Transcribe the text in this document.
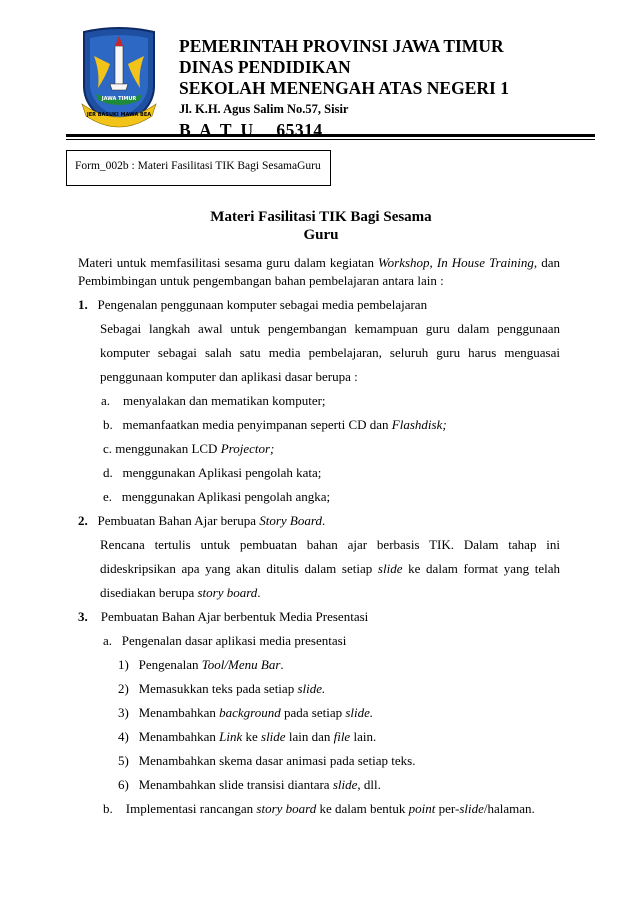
JER BASUKI MAWA BEA
JAWA TIMUR
PEMERINTAH PROVINSI JAWA TIMUR
DINAS PENDIDIKAN
SEKOLAH MENENGAH ATAS NEGERI 1
Jl. K.H. Agus Salim No.57, Sisir
B A T U 65314
Form_002b : Materi Fasilitasi TIK Bagi SesamaGuru
Materi Fasilitasi TIK Bagi Sesama
Guru
Materi untuk memfasilitasi sesama guru dalam kegiatan Workshop, In House Training, dan
Pembimbingan untuk pengembangan bahan pembelajaran antara lain :
1. Pengenalan penggunaan komputer sebagai media pembelajaran
Sebagai langkah awal untuk pengembangan kemampuan guru dalam penggunaan
komputer sebagai salah satu media pembelajaran, seluruh guru harus menguasai
penggunaan komputer dan aplikasi dasar berupa :
a. menyalakan dan mematikan komputer;
b. memanfaatkan media penyimpanan seperti CD dan Flashdisk;
c. menggunakan LCD Projector;
d. menggunakan Aplikasi pengolah kata;
e. menggunakan Aplikasi pengolah angka;
2. Pembuatan Bahan Ajar berupa Story Board.
Rencana tertulis untuk pembuatan bahan ajar berbasis TIK. Dalam tahap ini
dideskripsikan apa yang akan ditulis dalam setiap slide ke dalam format yang telah
disediakan berupa story board.
3. Pembuatan Bahan Ajar berbentuk Media Presentasi
a. Pengenalan dasar aplikasi media presentasi
1) Pengenalan Tool/Menu Bar.
2) Memasukkan teks pada setiap slide.
3) Menambahkan background pada setiap slide.
4) Menambahkan Link ke slide lain dan file lain.
5) Menambahkan skema dasar animasi pada setiap teks.
6) Menambahkan slide transisi diantara slide, dll.
b. Implementasi rancangan story board ke dalam bentuk point per-slide/halaman.
